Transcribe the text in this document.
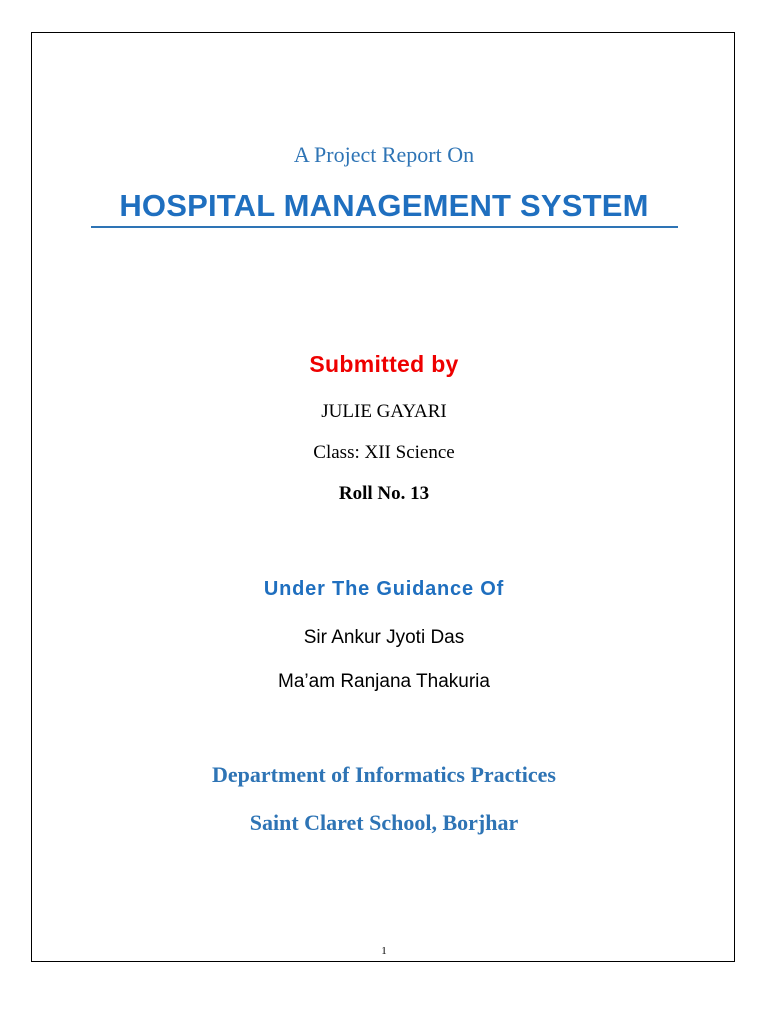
A Project Report On
HOSPITAL MANAGEMENT SYSTEM
Submitted by
JULIE GAYARI
Class: XII Science
Roll No. 13
Under The Guidance Of
Sir Ankur Jyoti Das
Ma’am Ranjana Thakuria
Department of Informatics Practices
Saint Claret School, Borjhar
1
